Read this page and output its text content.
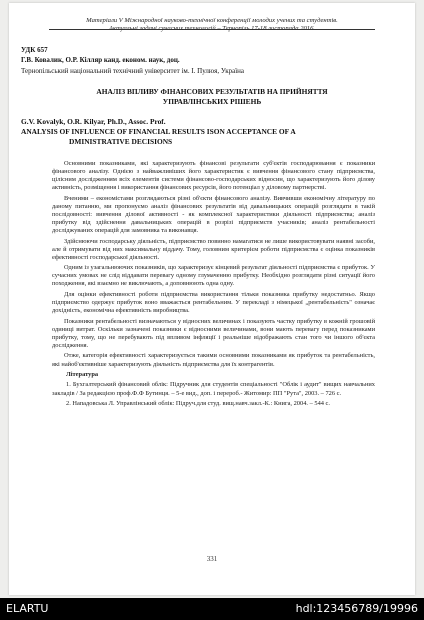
Матеріали V Міжнародної науково-технічної конференції молодих учених та студентів.
Актуальні задачі сучасних технологій – Тернопіль 17-18 листопада 2016.
УДК 657
Г.В. Ковалик, О.Р. Кілляр канд. економ. наук, доц.
Тернопільський національний технічний університет ім. І. Пулюя, Україна
АНАЛІЗ ВПЛИВУ ФІНАНСОВИХ РЕЗУЛЬТАТІВ НА ПРИЙНЯТТЯ
УПРАВЛІНСЬКИХ РІШЕНЬ
G.V. Kovalyk, O.R. Kilyar, Ph.D., Assoc. Prof.
ANALYSIS OF INFLUENCE OF FINANCIAL RESULTS ISON ACCEPTANCE OF A
DMINISTRATIVE DECISIONS

Основними показниками, які характеризують фінансові результати суб'єктів господарювання є показники фінансового аналізу. Однією з найважливіших його характеристик є вивчення фінансового стану підприємства, цілісним дослідженням всіх елементів системи фінансово-господарських відносин, що характеризують його ділову активність, розміщення і використання фінансових ресурсів, його потенціал у діловому партнерстві.

Вченими – економістами розглядаються різні об'єкти фінансового аналізу. Вивчивши економічну літературу по даному питанню, ми пропонуємо аналіз фінансових результатів від давальницьких операцій розглядати в такій послідовності: вивчення ділової активності - як комплексної характеристики діяльності підприємства; аналіз прибутку від здійснення давальницьких операцій в розрізі підприємств учасників; аналіз рентабельності досліджуваних операцій для замовника та виконавця.

Здійснюючи господарську діяльність, підприємство повинно намагатися не лише використовувати наявні засоби, але й отримувати від них максимальну віддачу. Тому, головним критерієм роботи підприємства є оцінка показників ефективності господарської діяльності.

Одним із узагальнюючих показників, що характеризує кінцевий результат діяльності підприємства є прибуток. У сучасних умовах не слід віддавати перевагу одному глумаченню прибутку. Необхідно розглядати різні ситуації його походження, які взаємно не виключають, а доповнюють одна одну.

Для оцінки ефективності роботи підприємства використання тільки показника прибутку недостатньо. Якщо підприємство одержує прибуток воно вважається рентабельним. У перекладі з німецької „рентабельність" означає дохідність, економічна ефективність виробництва.

Показники рентабельності визначаються у відносних величинах і показують частку прибутку в кожній грошовій одиниці витрат. Оскільки зазначені показники є відносними величинами, вони мають перевагу перед показниками прибутку, тому, що не перебувають під впливом інфляції і реальніше відображають стан того чи іншого об'єкта дослідження.

Отже, категорія ефективності характеризується такими основними показниками як прибуток та рентабельність, які найоб'єктивніше характеризують діяльність підприємства для їх контрагентів.

Література

1. Бухгалтерський фінансовий облік: Підручник для студентів спеціальності "Облік і аудит" вищих навчальних закладів / За редакцією проф.Ф.Ф Бутинця. – 5-е вид., доп. і перероб.- Житомир: ПП "Рута", 2003. – 726 с.

2. Нападовська Л. Управлінський облік: Підруч.для студ. вищ.навч.закл.-К.: Книга, 2004. – 544 с.

331
ELARTU	hdl:123456789/19996
